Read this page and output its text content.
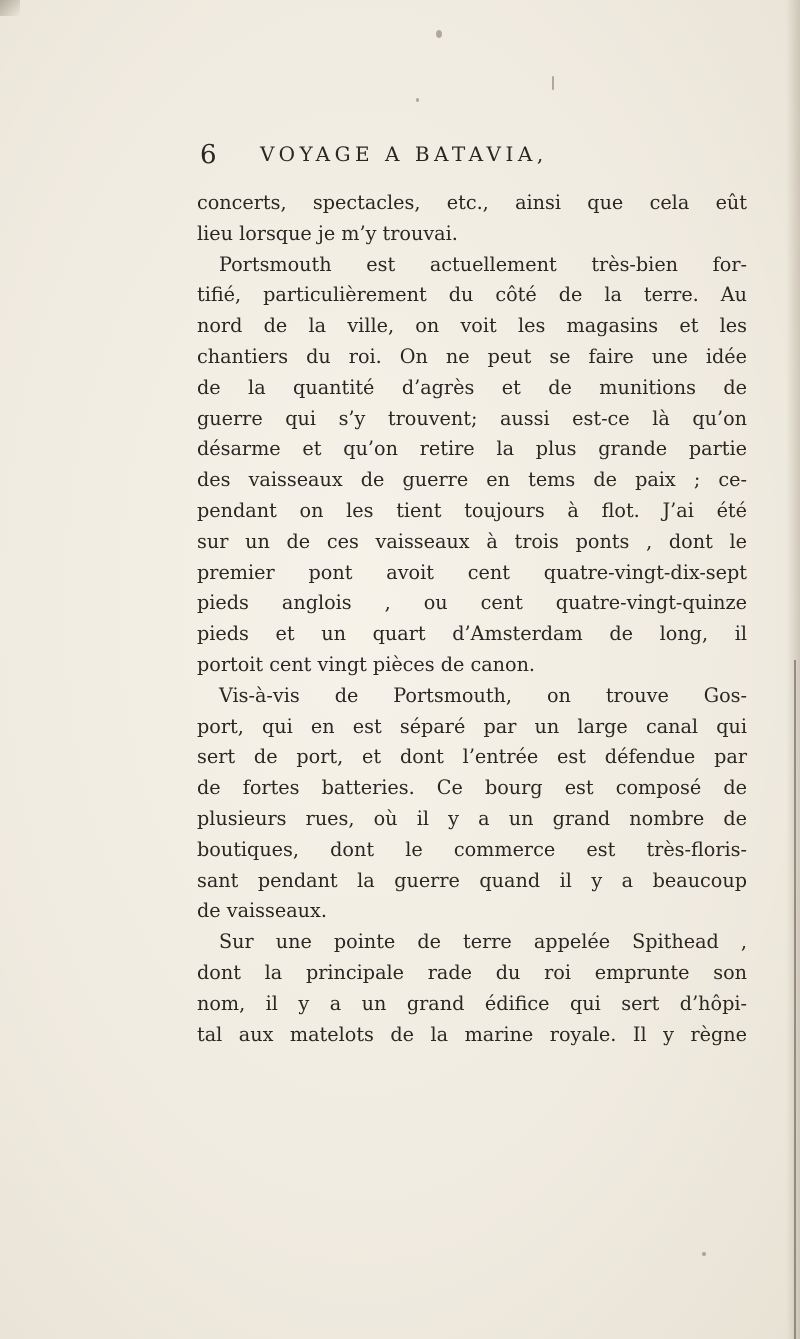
6 VOYAGE A BATAVIA,
concerts, spectacles, etc., ainsi que cela eût
lieu lorsque je m’y trouvai.
Portsmouth est actuellement très-bien for-
tifié, particulièrement du côté de la terre. Au
nord de la ville, on voit les magasins et les
chantiers du roi. On ne peut se faire une idée
de la quantité d’agrès et de munitions de
guerre qui s’y trouvent; aussi est-ce là qu’on
désarme et qu’on retire la plus grande partie
des vaisseaux de guerre en tems de paix ; ce-
pendant on les tient toujours à flot. J’ai été
sur un de ces vaisseaux à trois ponts , dont le
premier pont avoit cent quatre-vingt-dix-sept
pieds anglois , ou cent quatre-vingt-quinze
pieds et un quart d’Amsterdam de long, il
portoit cent vingt pièces de canon.
Vis-à-vis de Portsmouth, on trouve Gos-
port, qui en est séparé par un large canal qui
sert de port, et dont l’entrée est défendue par
de fortes batteries. Ce bourg est composé de
plusieurs rues, où il y a un grand nombre de
boutiques, dont le commerce est très-floris-
sant pendant la guerre quand il y a beaucoup
de vaisseaux.
Sur une pointe de terre appelée Spithead ,
dont la principale rade du roi emprunte son
nom, il y a un grand édifice qui sert d’hôpi-
tal aux matelots de la marine royale. Il y règne
